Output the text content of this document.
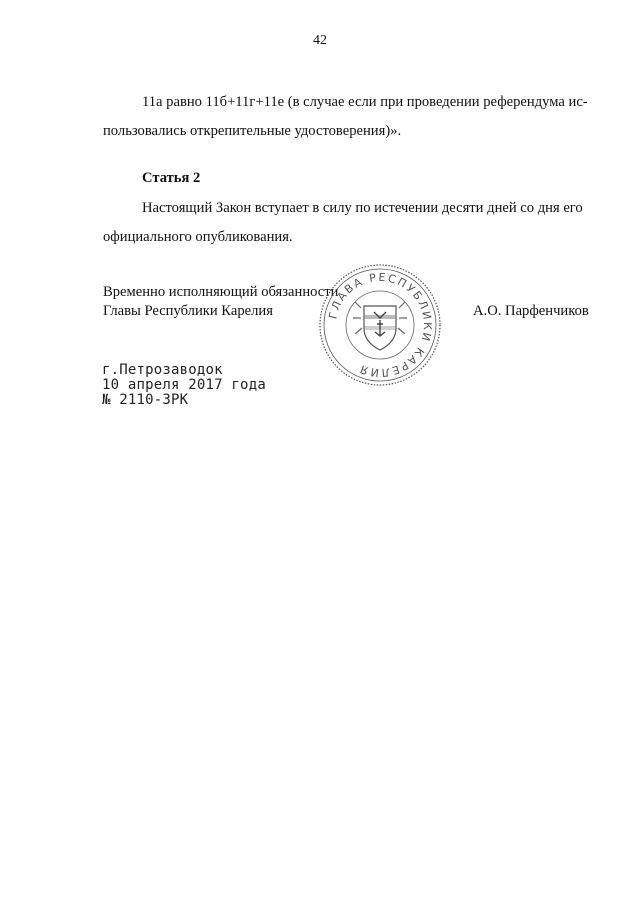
42

11а равно 11б+11г+11е (в случае если при проведении референдума ис-
пользовались открепительные удостоверения)».

Статья 2

Настоящий Закон вступает в силу по истечении десяти дней со дня его
официального опубликования.

Временно исполняющий обязанности
Главы Республики Карелия	ГЛАВА РЕСПУБЛИКИ КАРЕЛИЯ
А.О. Парфенчиков
г.Петрозаводок
10 апреля 2017 года
№ 2110-ЗРК
